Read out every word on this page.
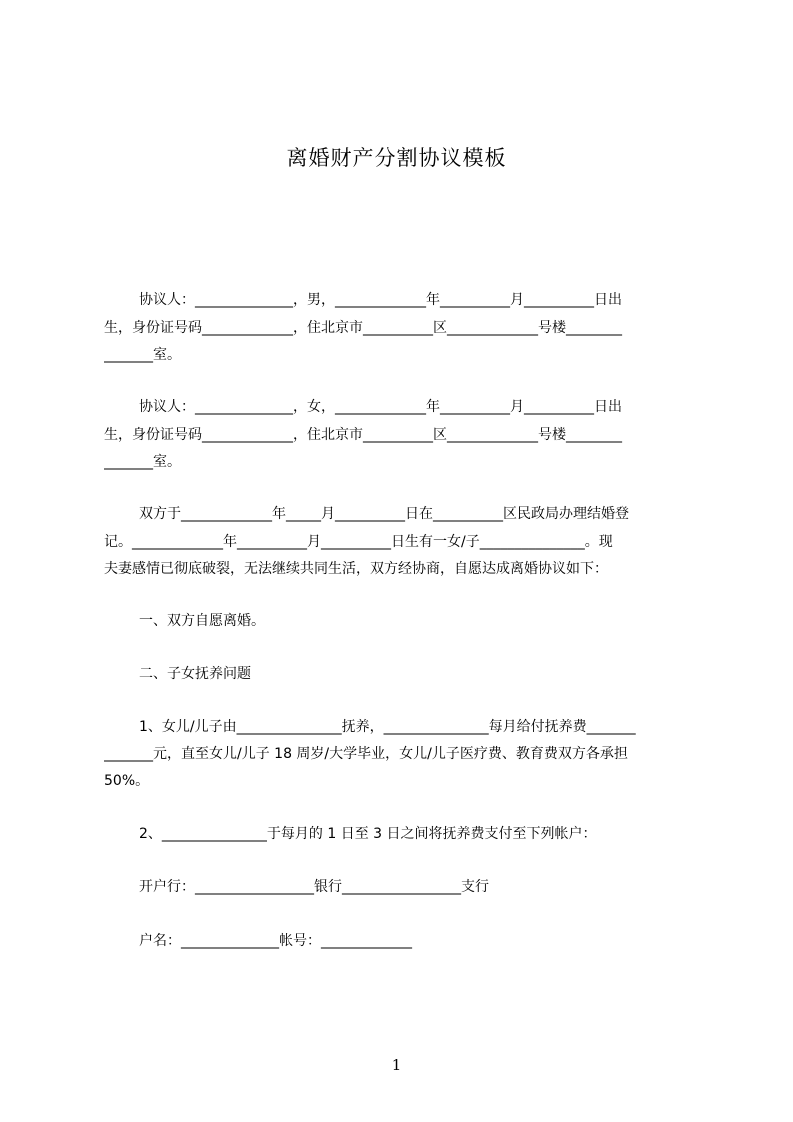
离婚财产分割协议模板
协议人：______________，男，_____________年__________月__________日出
生，身份证号码_____________，住北京市__________区_____________号楼________
_______室。
协议人：______________，女，_____________年__________月__________日出
生，身份证号码_____________，住北京市__________区_____________号楼________
_______室。
双方于_____________年_____月__________日在__________区民政局办理结婚登
记。_____________年__________月__________日生有一女/子_______________。现
夫妻感情已彻底破裂，无法继续共同生活，双方经协商，自愿达成离婚协议如下：
一、双方自愿离婚。
二、子女抚养问题
1、女儿/儿子由_______________抚养，_______________每月给付抚养费_______
_______元，直至女儿/儿子 18 周岁/大学毕业，女儿/儿子医疗费、教育费双方各承担
50%。
2、_______________于每月的 1 日至 3 日之间将抚养费支付至下列帐户：
开户行：_________________银行_________________支行
户名：______________帐号：_____________
1
